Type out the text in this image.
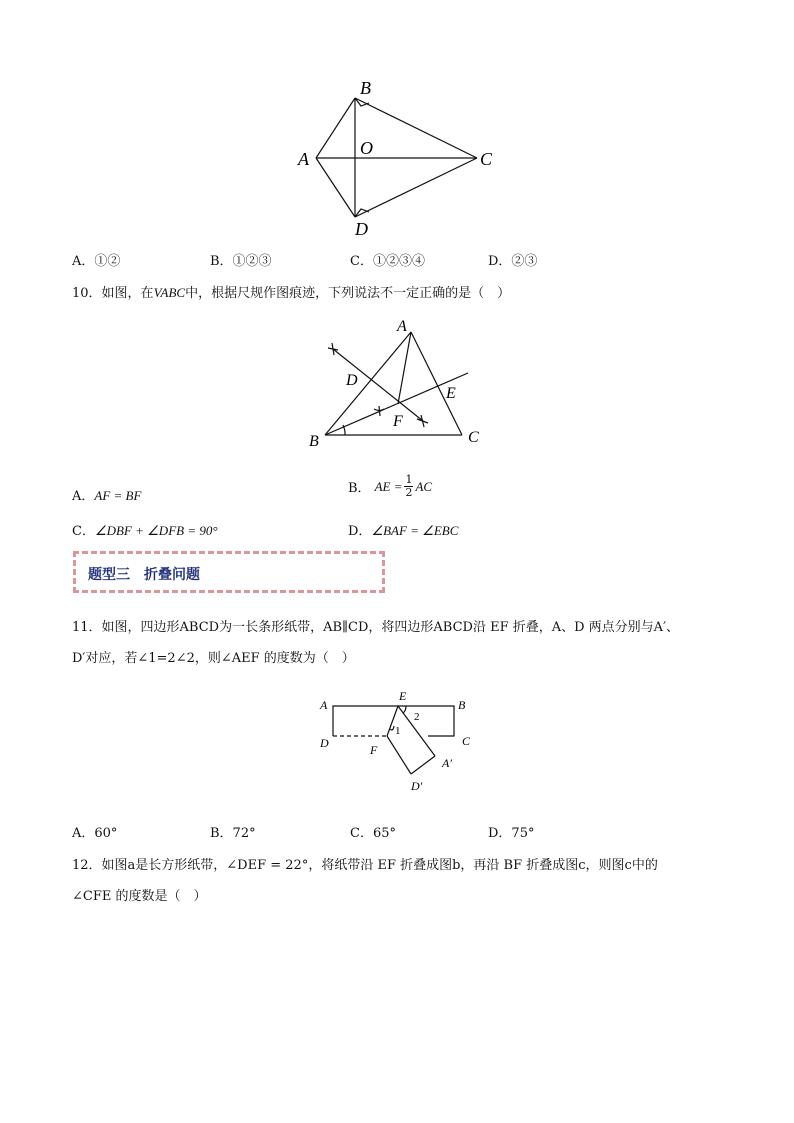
B
A
O
C
D
A．①②	B．①②③	C．①②③④	D．②③
10．如图，在VABC中，根据尺规作图痕迹，下列说法不一定正确的是（　）
A
D
E
F
B	C
A．AF = BF	B． AE = $\frac{1}{2}$ AC
C．∠DBF + ∠DFB = 90°	D．∠BAF = ∠EBC
题型三　折叠问题
11．如图，四边形ABCD为一长条形纸带，AB∥CD，将四边形ABCD沿 EF 折叠，A、D 两点分别与A′、
D′对应，若∠1=2∠2，则∠AEF 的度数为（　）
A
E
B
D	C
F
1
2
A′
D′
A．60°	B．72°	C．65°	D．75°
12．如图a是长方形纸带，∠DEF = 22°，将纸带沿 EF 折叠成图b，再沿 BF 折叠成图c，则图c中的
∠CFE 的度数是（　）
